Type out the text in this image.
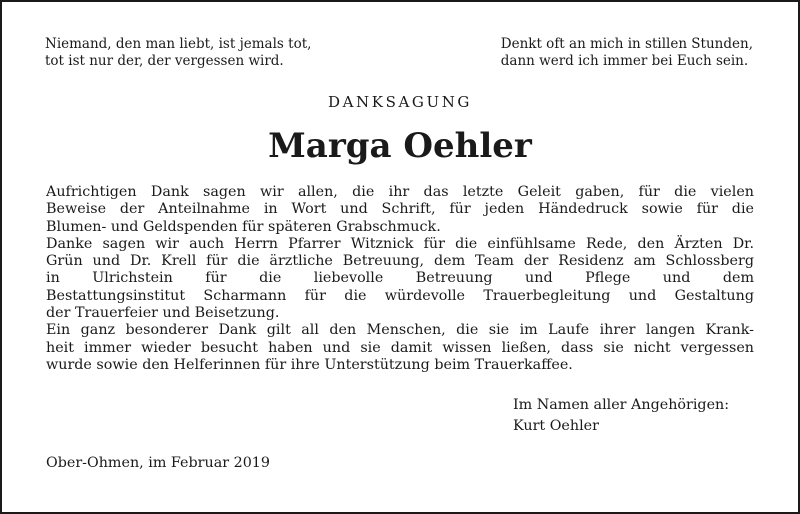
Niemand, den man liebt, ist jemals tot,
tot ist nur der, der vergessen wird.
Denkt oft an mich in stillen Stunden,
dann werd ich immer bei Euch sein.
DANKSAGUNG
Marga Oehler
Aufrichtigen Dank sagen wir allen, die ihr das letzte Geleit gaben, für die vielen
Beweise der Anteilnahme in Wort und Schrift, für jeden Händedruck sowie für die
Blumen- und Geldspenden für späteren Grabschmuck.
Danke sagen wir auch Herrn Pfarrer Witznick für die einfühlsame Rede, den Ärzten Dr.
Grün und Dr. Krell für die ärztliche Betreuung, dem Team der Residenz am Schlossberg
in Ulrichstein für die liebevolle Betreuung und Pflege und dem
Bestattungsinstitut Scharmann für die würdevolle Trauerbegleitung und Gestaltung
der Trauerfeier und Beisetzung.
Ein ganz besonderer Dank gilt all den Menschen, die sie im Laufe ihrer langen Krank-
heit immer wieder besucht haben und sie damit wissen ließen, dass sie nicht vergessen
wurde sowie den Helferinnen für ihre Unterstützung beim Trauerkaffee.
Im Namen aller Angehörigen:
Kurt Oehler
Ober-Ohmen, im Februar 2019
